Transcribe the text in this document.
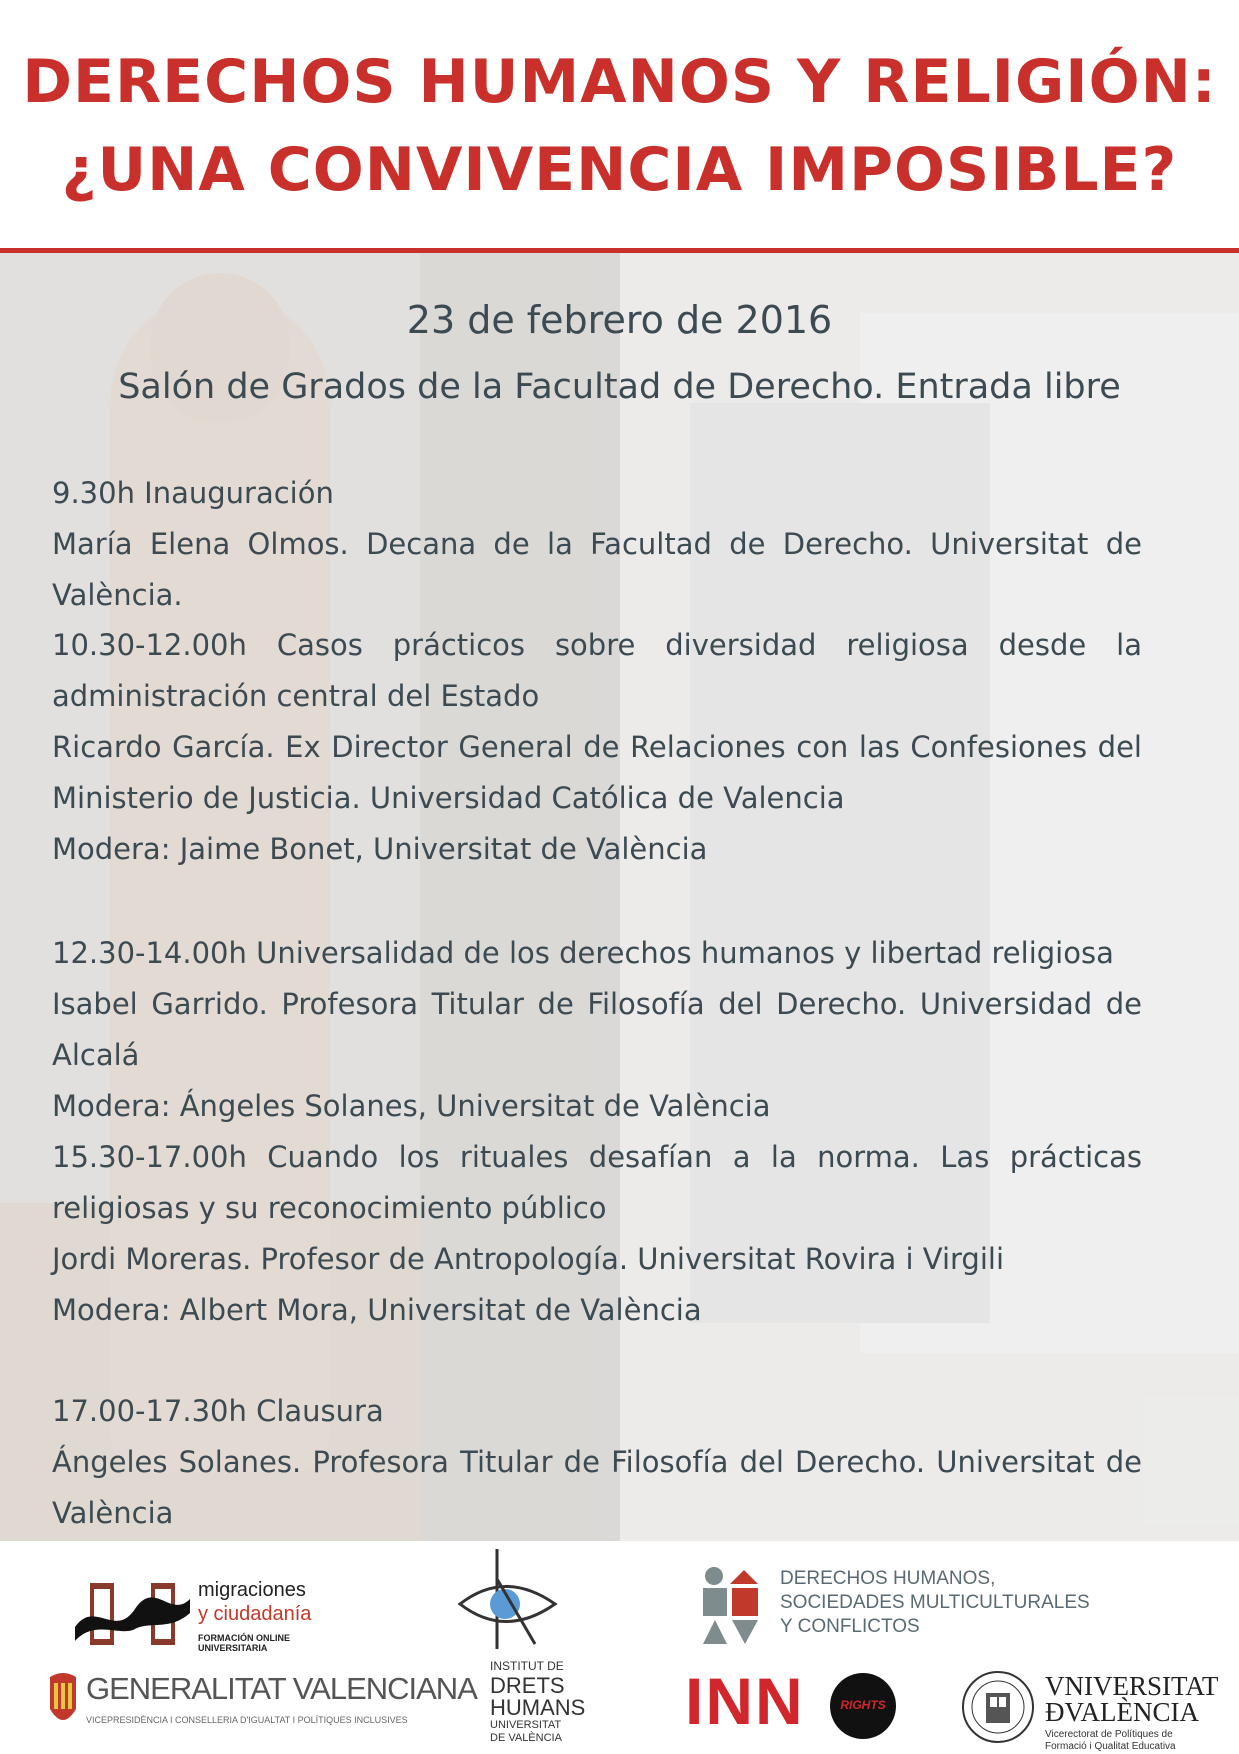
DERECHOS HUMANOS Y RELIGIÓN:
¿UNA CONVIVENCIA IMPOSIBLE?
23 de febrero de 2016
Salón de Grados de la Facultad de Derecho. Entrada libre
9.30h Inauguración
María Elena Olmos. Decana de la Facultad de Derecho. Universitat de València.
10.30-12.00h Casos prácticos sobre diversidad religiosa desde la
administración central del Estado
Ricardo García. Ex Director General de Relaciones con las Confesiones del
Ministerio de Justicia. Universidad Católica de Valencia
Modera: Jaime Bonet, Universitat de València
12.30-14.00h Universalidad de los derechos humanos y libertad religiosa
Isabel Garrido. Profesora Titular de Filosofía del Derecho. Universidad de Alcalá
Modera: Ángeles Solanes, Universitat de València
15.30-17.00h Cuando los rituales desafían a la norma. Las prácticas
religiosas y su reconocimiento público
Jordi Moreras. Profesor de Antropología. Universitat Rovira i Virgili
Modera: Albert Mora, Universitat de València
17.00-17.30h Clausura
Ángeles Solanes. Profesora Titular de Filosofía del Derecho. Universitat de
València
migraciones
y ciudadanía
FORMACIÓN ONLINE UNIVERSITARIA
GENERALITAT VALENCIANA
VICEPRESIDÈNCIA I CONSELLERIA D'IGUALTAT I POLÍTIQUES INCLUSIVES
INSTITUT DE
DRETS
HUMANS
UNIVERSITAT
DE VALÈNCIA
DERECHOS HUMANOS,
SOCIEDADES MULTICULTURALES
Y CONFLICTOS
INN	RIGHTS
VNIVERSITAT
ĐVALÈNCIA
Vicerectorat de Polítiques de
Formació i Qualitat Educativa
